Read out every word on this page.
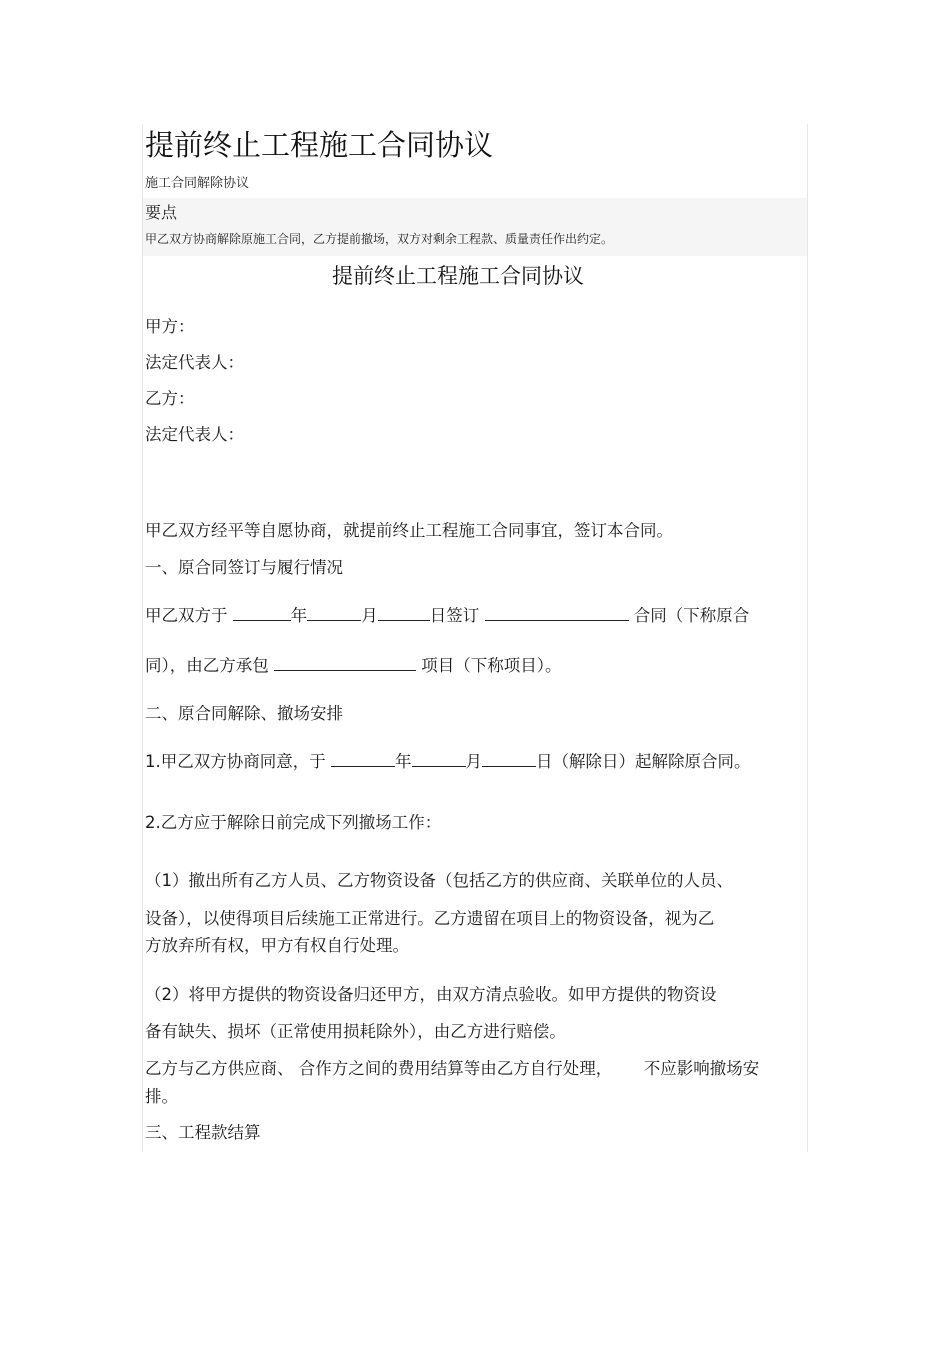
提前终止工程施工合同协议
施工合同解除协议
要点
甲乙双方协商解除原施工合同，乙方提前撤场，双方对剩余工程款、质量责任作出约定。
提前终止工程施工合同协议
甲方：
法定代表人：
乙方：
法定代表人：
甲乙双方经平等自愿协商，就提前终止工程施工合同事宜，签订本合同。
一、原合同签订与履行情况
甲乙双方于	年	月	日签订	合同（下称原合
同），由乙方承包	项目（下称项目）。
二、原合同解除、撤场安排
1.甲乙双方协商同意，于	年	月	日（解除日）起解除原合同。
2.乙方应于解除日前完成下列撤场工作：
（1）撤出所有乙方人员、乙方物资设备（包括乙方的供应商、关联单位的人员、
设备），以使得项目后续施工正常进行。乙方遗留在项目上的物资设备，视为乙
方放弃所有权，甲方有权自行处理。
（2）将甲方提供的物资设备归还甲方，由双方清点验收。如甲方提供的物资设
备有缺失、损坏（正常使用损耗除外），由乙方进行赔偿。
乙方与乙方供应商、 合作方之间的费用结算等由乙方自行处理，      不应影响撤场安
排。
三、工程款结算
